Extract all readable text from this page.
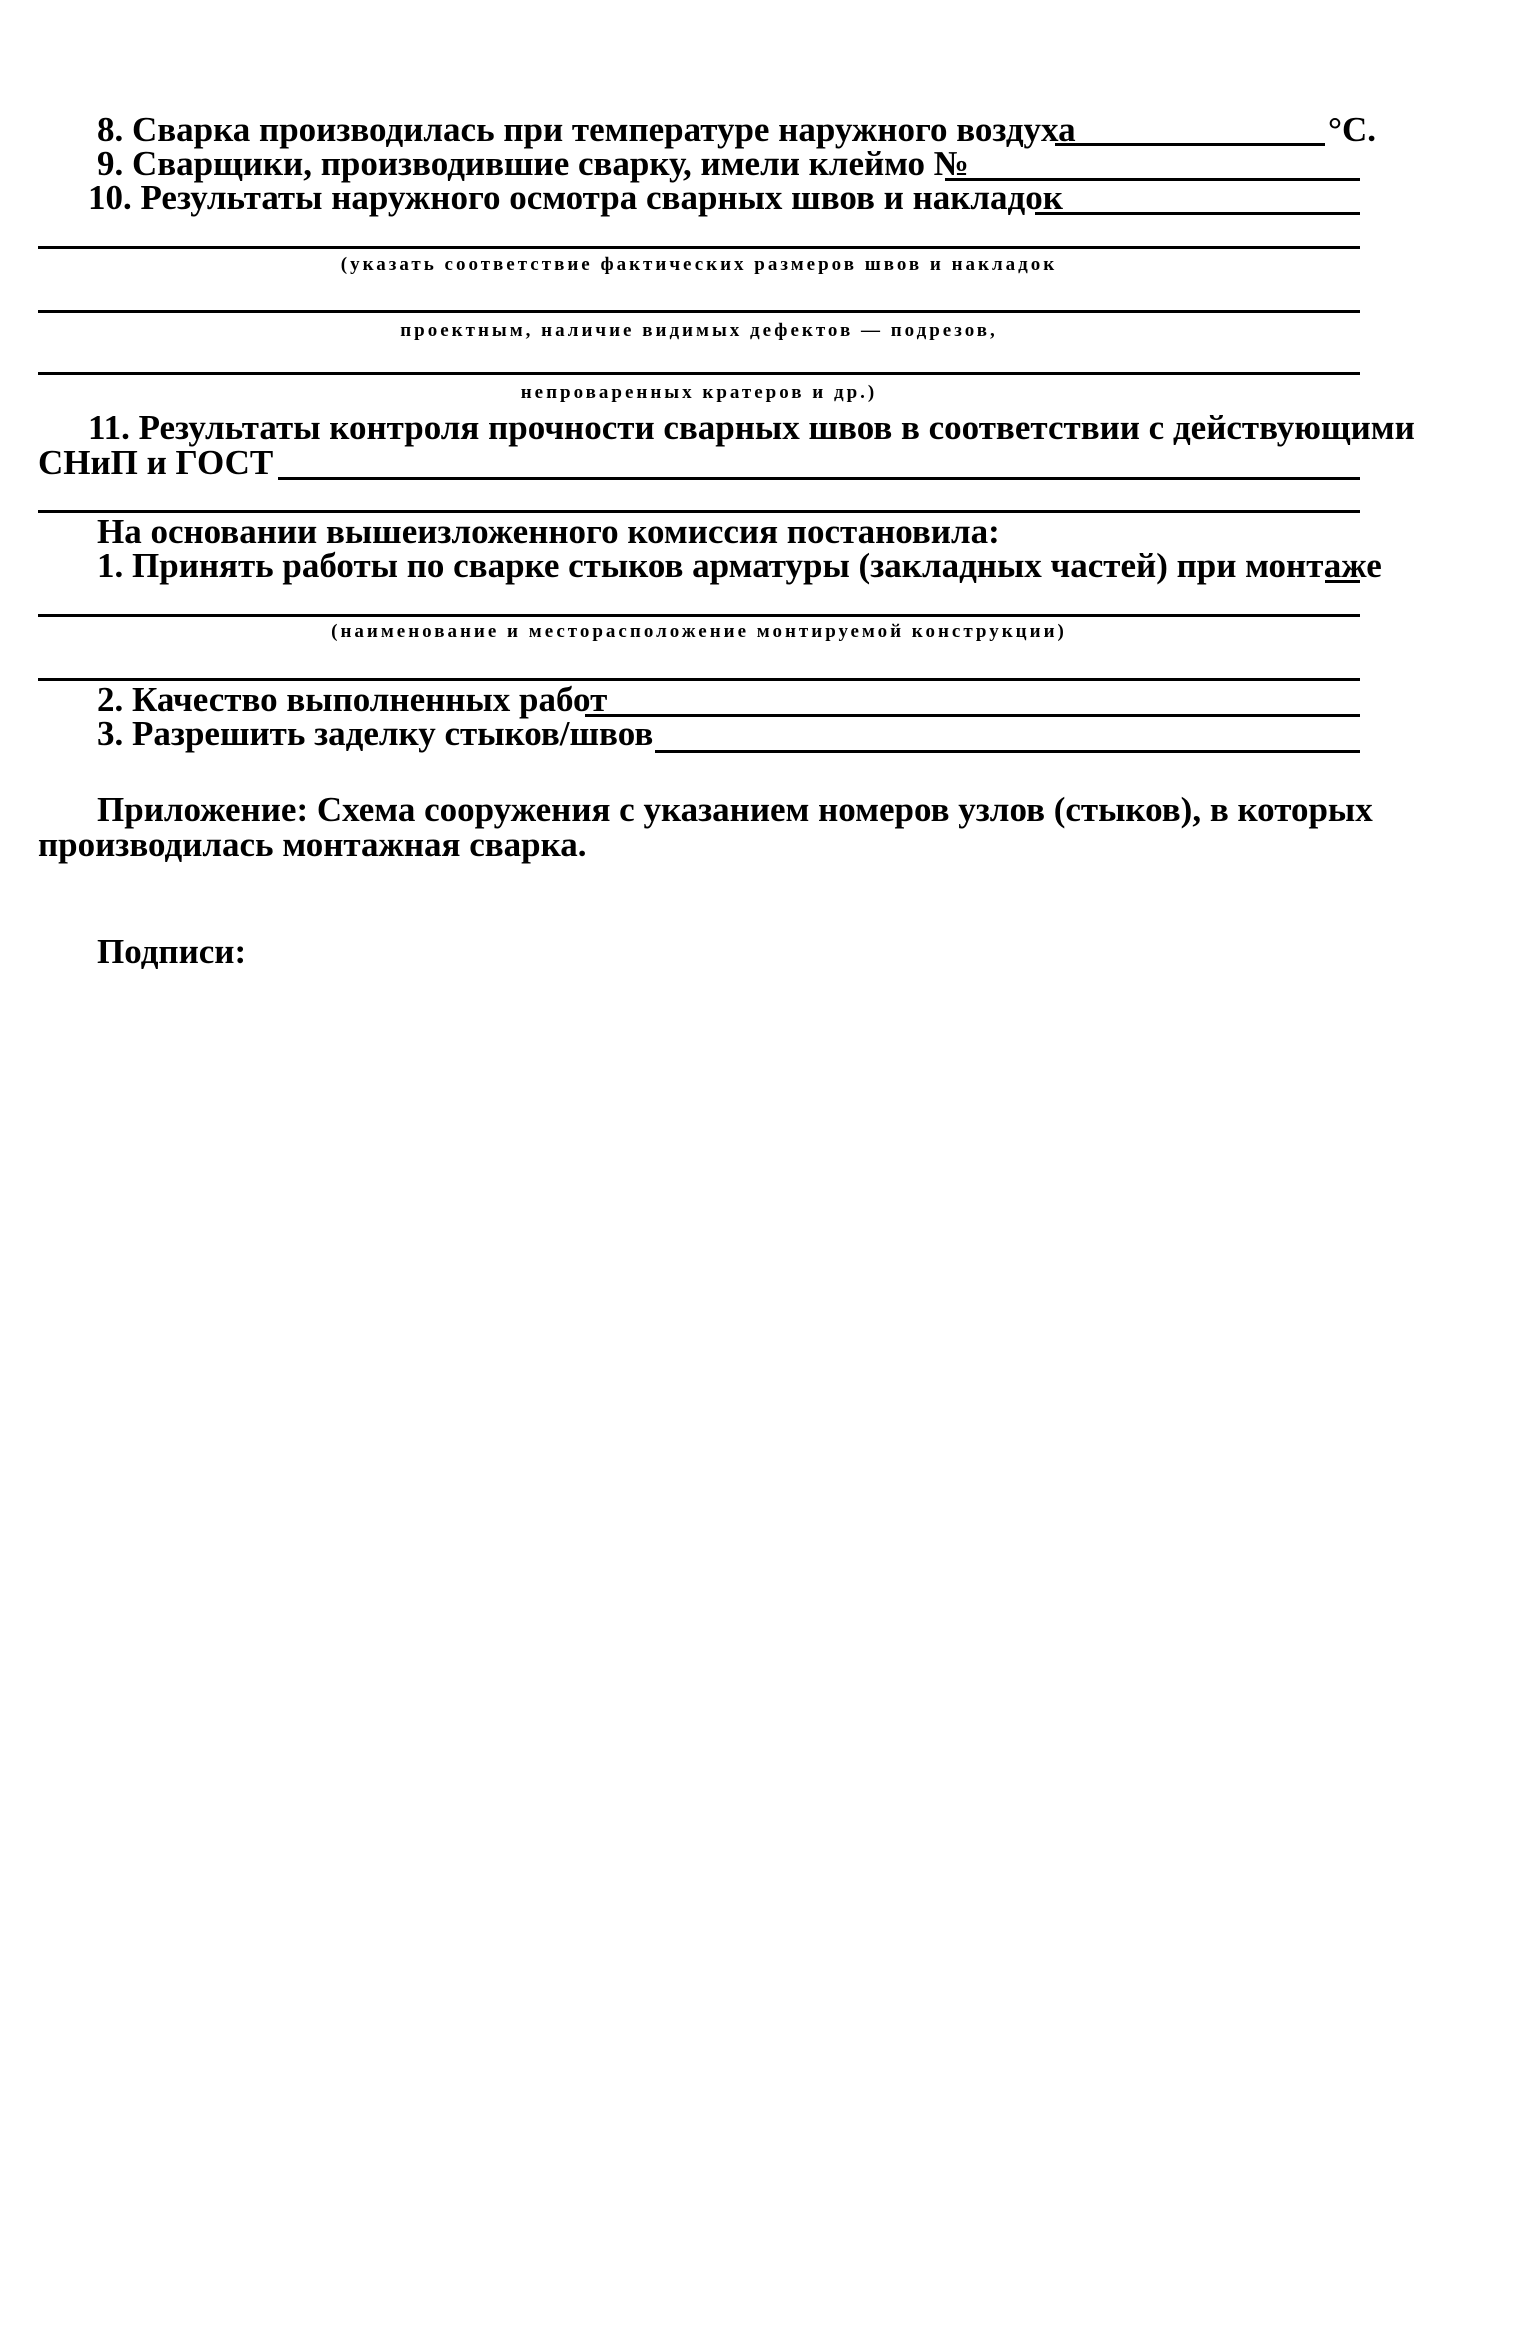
8. Сварка производилась при температуре наружного воздуха	°C.
9. Сварщики, производившие сварку, имели клеймо №
10. Результаты наружного осмотра сварных швов и накладок
(указать соответствие фактических размеров швов и накладок
проектным, наличие видимых дефектов — подрезов,
непроваренных кратеров и др.)
11. Результаты контроля прочности сварных швов в соответствии с действующими
СНиП и ГОСТ
На основании вышеизложенного комиссия постановила:
1. Принять работы по сварке стыков арматуры (закладных частей) при монтаже
(наименование и месторасположение монтируемой конструкции)
2. Качество выполненных работ
3. Разрешить заделку стыков/швов
Приложение: Схема сооружения с указанием номеров узлов (стыков), в которых
производилась монтажная сварка.
Подписи:
